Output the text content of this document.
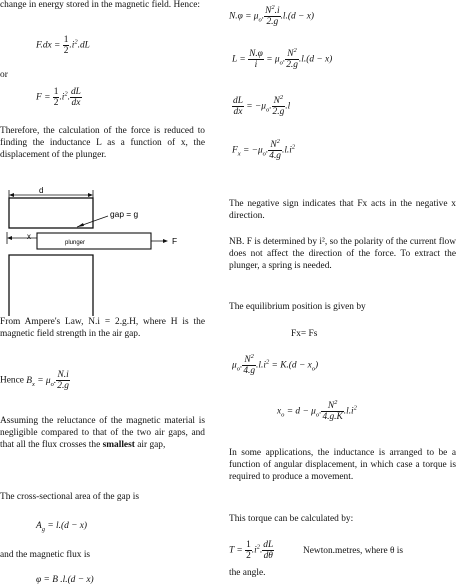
change in energy stored in the magnetic field. Hence:

$F.dx = \frac{1}{2} .i^2.dL$

or

$F = \frac{1}{2} .i^2$. $\frac{dL}{dx}$

Therefore, the calculation of the force is reduced to finding the inductance L as a function of x, the displacement of the plunger.

d
gap = g
x
plunger	F

From Ampere's Law, N.i = 2.g.H, where H is the magnetic field strength in the air gap.

Hence $B_x = \mu_o$. $\frac{N.i}{2.g}$

Assuming the reluctance of the magnetic material is negligible compared to that of the two air gaps, and that all the flux crosses the smallest air gap,

The cross-sectional area of the gap is

$A_g = l.(d - x)$

and the magnetic flux is

φ = B .l.(d − x)
$N.\varphi = \mu_o$. $\frac{N^2.i}{2.g} .l.(d - x)$
$L = \frac{N.\varphi}{i} = \mu_o$. $\frac{N^2}{2.g} .l.(d - x)$
$\frac{dL}{dx} = -\mu_o$. $\frac{N^2}{2.g} .l$
$F_x = -\mu_o$. $\frac{N^2}{4.g} .l.i^2$

The negative sign indicates that Fx acts in the negative x direction.

NB. F is determined by i², so the polarity of the current flow does not affect the direction of the force. To extract the plunger, a spring is needed.

The equilibrium position is given by

Fx= Fs

$\mu_o$. $\frac{N^2}{4.g} .l.i^2 = K.(d - x_o)$
$x_o = d - \mu_o$. $\frac{N^2}{4.g.K} .l.i^2$

In some applications, the inductance is arranged to be a function of angular displacement, in which case a torque is required to produce a movement.

This torque can be calculated by:

$T = \frac{1}{2} .i^2$. $\frac{dL}{d\theta}$	Newton.metres, where θ is

the angle.
